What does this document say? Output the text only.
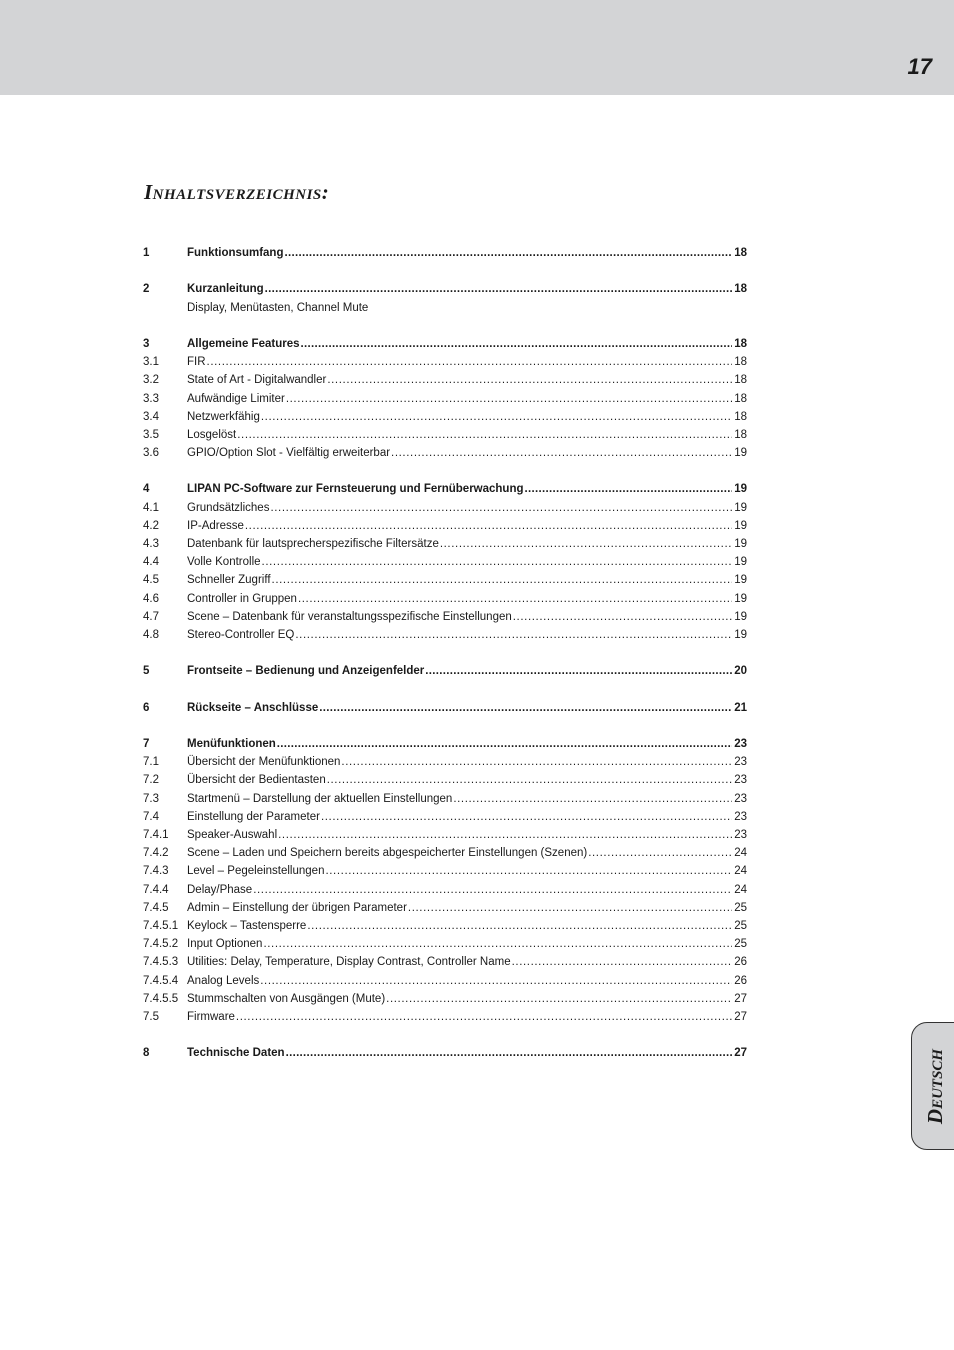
17
Inhaltsverzeichnis:
1	Funktionsumfang .....	18
2	Kurzanleitung .....	18
Display, Menütasten, Channel Mute
3	Allgemeine Features .....	18
3.1	FIR .....	18
3.2	State of Art - Digitalwandler .....	18
3.3	Aufwändige Limiter .....	18
3.4	Netzwerkfähig .....	18
3.5	Losgelöst .....	18
3.6	GPIO/Option Slot - Vielfältig erweiterbar .....	19
4	LIPAN PC-Software zur Fernsteuerung und Fernüberwachung .....	19
4.1	Grundsätzliches .....	19
4.2	IP-Adresse .....	19
4.3	Datenbank für lautsprecherspezifische Filtersätze .....	19
4.4	Volle Kontrolle .....	19
4.5	Schneller Zugriff .....	19
4.6	Controller in Gruppen .....	19
4.7	Scene – Datenbank für veranstaltungsspezifische Einstellungen .....	19
4.8	Stereo-Controller EQ .....	19
5	Frontseite – Bedienung und Anzeigenfelder .....	20
6	Rückseite – Anschlüsse .....	21
7	Menüfunktionen .....	23
7.1	Übersicht der Menüfunktionen .....	23
7.2	Übersicht der Bedientasten .....	23
7.3	Startmenü – Darstellung der aktuellen Einstellungen .....	23
7.4	Einstellung der Parameter .....	23
7.4.1	Speaker-Auswahl .....	23
7.4.2	Scene – Laden und Speichern bereits abgespeicherter Einstellungen (Szenen) .....	24
7.4.3	Level – Pegeleinstellungen .....	24
7.4.4	Delay/Phase .....	24
7.4.5	Admin – Einstellung der übrigen Parameter .....	25
7.4.5.1 Keylock – Tastensperre .....	25
7.4.5.2 Input Optionen .....	25
7.4.5.3 Utilities: Delay, Temperature, Display Contrast, Controller Name .....	26
7.4.5.4 Analog Levels .....	26
7.4.5.5 Stummschalten von Ausgängen (Mute) .....	27
7.5	Firmware .....	27
8	Technische Daten .....	27	Deutsch
